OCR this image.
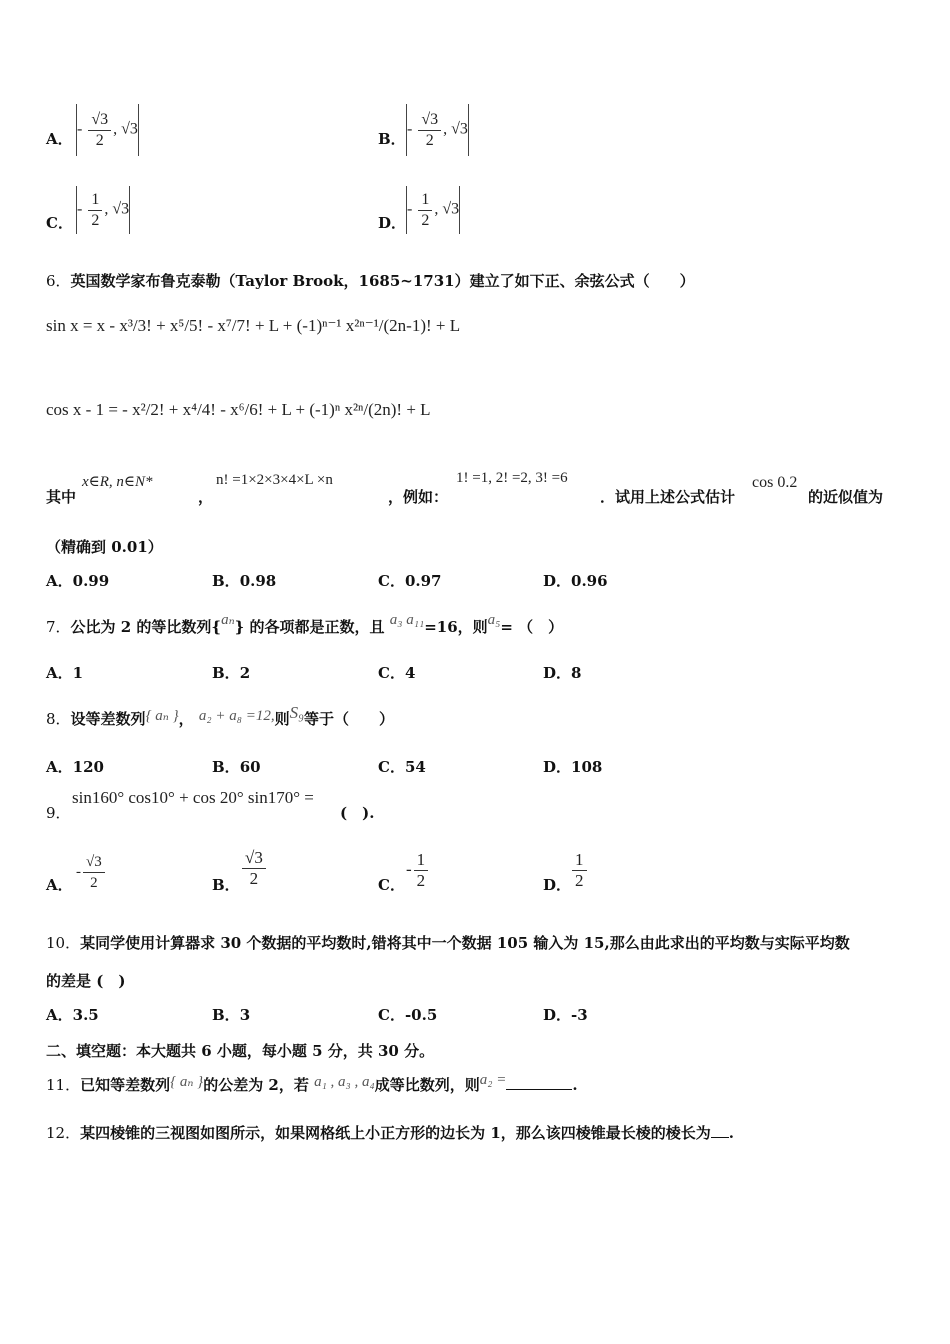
A．
- $\frac{√3}{2}$ , √3
B．
- $\frac{√3}{2}$ , √3
C．
- $\frac{1}{2}$ , √3
D．
- $\frac{1}{2}$ , √3
6．英国数学家布鲁克泰勒（Taylor Brook，1685~1731）建立了如下正、余弦公式（　　）
sin x = x - x³/3! + x⁵/5! - x⁷/7! + L + (-1)ⁿ⁻¹ x²ⁿ⁻¹/(2n-1)! + L
cos x - 1 = - x²/2! + x⁴/4! - x⁶/6! + L + (-1)ⁿ x²ⁿ/(2n)! + L
其中
x∈R, n∈N*
，
n! =1×2×3×4×L ×n
，例如：
1! =1, 2! =2, 3! =6
．试用上述公式估计
cos 0.2
的近似值为
（精确到 0.01）
A．0.99	B．0.98	C．0.97	D．0.96
7．公比为 2 的等比数列{aₙ} 的各项都是正数，且 a₃ a₁₁=16，则a₅= （　）
A．1	B．2	C．4	D．8
8．设等差数列{ aₙ }， a₂ + a₈ =12,则S₉等于（　　）
A．120	B．60	C．54	D．108
9．
sin160° cos10° + cos 20° sin170° =
(　).
A．
- $\frac{√3}{2}$	B． $\frac{√3}{2}$	C．
- $\frac{1}{2}$	D． $\frac{1}{2}$
10．某同学使用计算器求 30 个数据的平均数时,错将其中一个数据 105 输入为 15,那么由此求出的平均数与实际平均数
的差是 (　)
A．3.5	B．3	C．-0.5	D．-3
二、填空题：本大题共 6 小题，每小题 5 分，共 30 分。
11．已知等差数列{ aₙ }的公差为 2，若 a₁ , a₃ , a₄成等比数列，则a₂ =	.
12．某四棱锥的三视图如图所示，如果网格纸上小正方形的边长为 1，那么该四棱锥最长棱的棱长为 .
